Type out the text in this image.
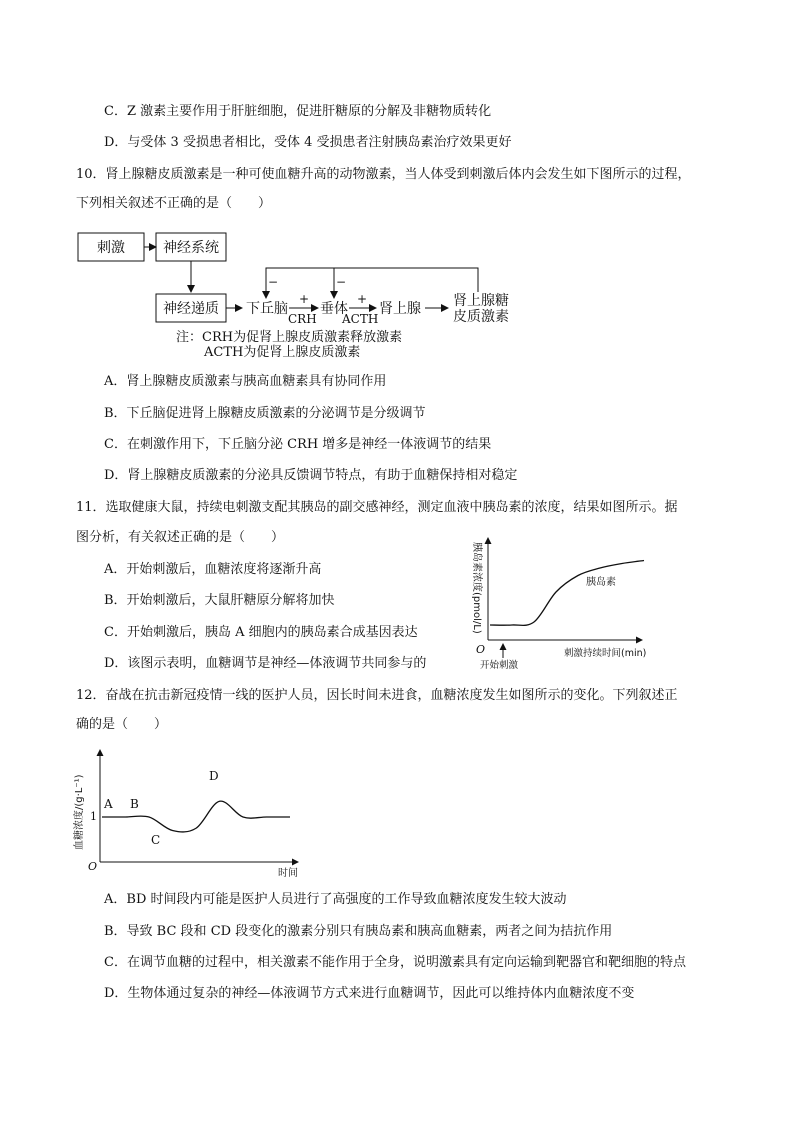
C．Z 激素主要作用于肝脏细胞，促进肝糖原的分解及非糖物质转化
D．与受体 3 受损患者相比，受体 4 受损患者注射胰岛素治疗效果更好
10．肾上腺糖皮质激素是一种可使血糖升高的动物激素，当人体受到刺激后体内会发生如下图所示的过程，
下列相关叙述不正确的是（　　）
刺激	神经系统
神经递质 下丘脑
+
CRH
垂体
+
ACTH
肾上腺 肾上腺糖
皮质激素
−	−
注：CRH为促肾上腺皮质激素释放激素
ACTH为促肾上腺皮质激素
A．肾上腺糖皮质激素与胰高血糖素具有协同作用
B．下丘脑促进肾上腺糖皮质激素的分泌调节是分级调节
C．在刺激作用下，下丘脑分泌 CRH 增多是神经一体液调节的结果
D．肾上腺糖皮质激素的分泌具反馈调节特点，有助于血糖保持相对稳定
11．选取健康大鼠，持续电刺激支配其胰岛的副交感神经，测定血液中胰岛素的浓度，结果如图所示。据
图分析，有关叙述正确的是（　　）
A．开始刺激后，血糖浓度将逐渐升高
B．开始刺激后，大鼠肝糖原分解将加快
C．开始刺激后，胰岛 A 细胞内的胰岛素合成基因表达
D．该图示表明，血糖调节是神经—体液调节共同参与的
胰岛素浓度(pmol/L)
O	刺激持续时间(min)
开始刺激
胰岛素
12．奋战在抗击新冠疫情一线的医护人员，因长时间未进食，血糖浓度发生如图所示的变化。下列叙述正
确的是（　　）
血糖浓度/(g·L⁻¹) 1
O
时间
A B
C
D
A．BD 时间段内可能是医护人员进行了高强度的工作导致血糖浓度发生较大波动
B．导致 BC 段和 CD 段变化的激素分别只有胰岛素和胰高血糖素，两者之间为拮抗作用
C．在调节血糖的过程中，相关激素不能作用于全身，说明激素具有定向运输到靶器官和靶细胞的特点
D．生物体通过复杂的神经—体液调节方式来进行血糖调节，因此可以维持体内血糖浓度不变
